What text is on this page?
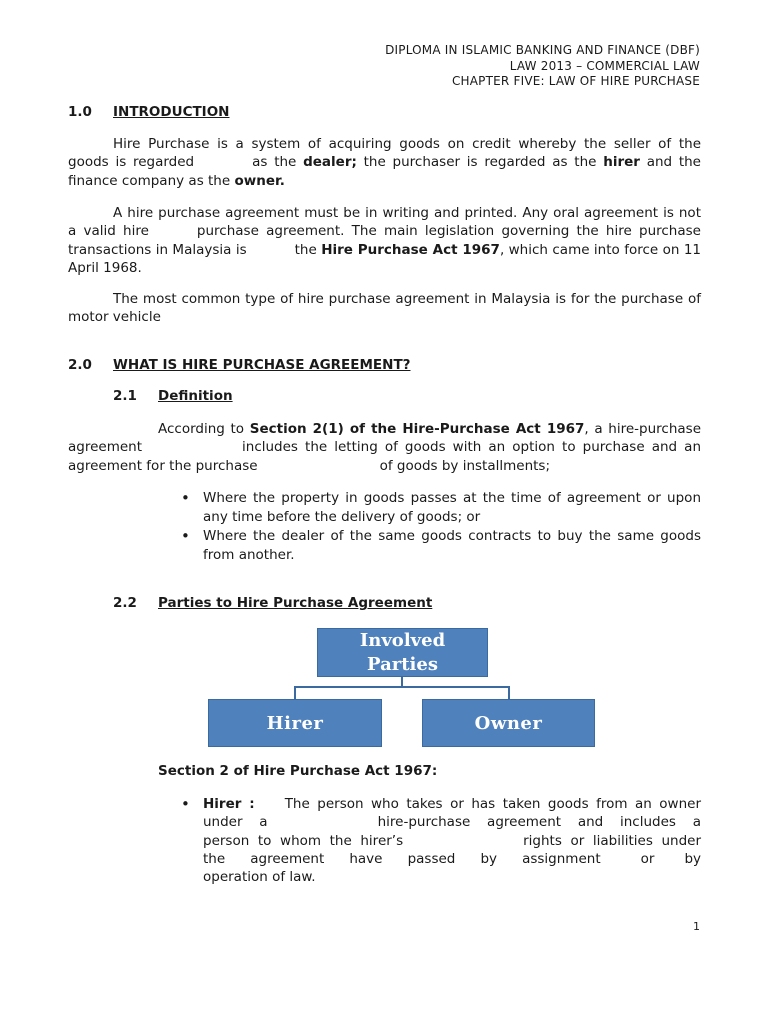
DIPLOMA IN ISLAMIC BANKING AND FINANCE (DBF)
LAW 2013 – COMMERCIAL LAW
CHAPTER FIVE: LAW OF HIRE PURCHASE
1.0 INTRODUCTION
Hire Purchase is a system of acquiring goods on credit whereby the seller of the
goods is regarded	as the dealer; the purchaser is regarded as the hirer and the
finance company as the owner.
A hire purchase agreement must be in writing and printed. Any oral agreement is not
a valid hire	purchase agreement. The main legislation governing the hire purchase
transactions in Malaysia is	the Hire Purchase Act 1967, which came into force on 11
April 1968.
The most common type of hire purchase agreement in Malaysia is for the purchase of
motor vehicle
2.0 WHAT IS HIRE PURCHASE AGREEMENT?
2.1 Definition
According to Section 2(1) of the Hire-Purchase Act 1967, a hire-purchase
agreement	includes the letting of goods with an option to purchase and an
agreement for the purchase	of goods by installments;
• Where the property in goods passes at the time of agreement or upon
any time before the delivery of goods; or
• Where the dealer of the same goods contracts to buy the same goods
from another.
2.2 Parties to Hire Purchase Agreement
Involved
Parties
Hirer	Owner
Section 2 of Hire Purchase Act 1967:
• Hirer : The person who takes or has taken goods from an owner
under a	hire-purchase agreement and includes a
person to whom the hirer’s	rights or liabilities under
the agreement have passed by assignment	or by
operation of law.
1
